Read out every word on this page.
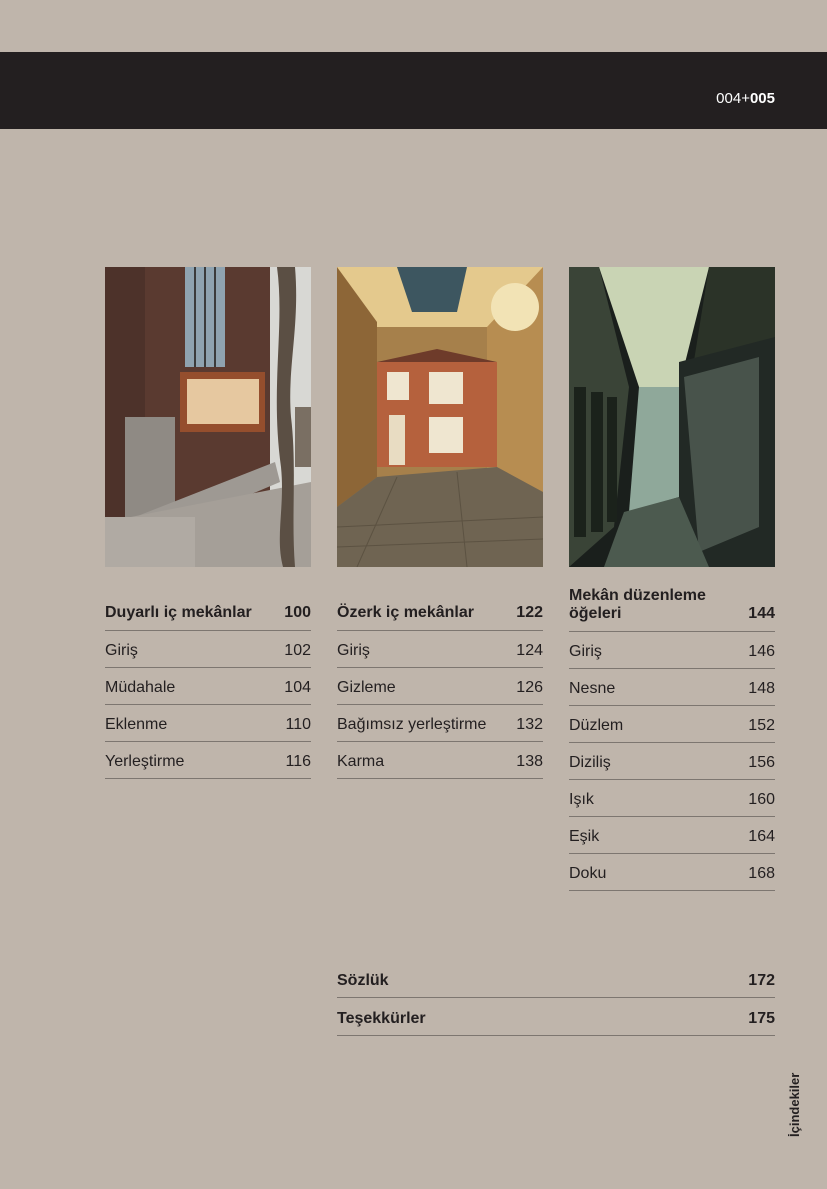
004+005
Duyarlı iç mekânlar 100
Giriş	102
Müdahale	104
Eklenme	110
Yerleştirme	116
Özerk iç mekânlar	122
Giriş	124
Gizleme	126
Bağımsız yerleştirme 132
Karma	138
Mekân düzenleme öğeleri	144
Giriş	146
Nesne	148
Düzlem	152
Diziliş	156
Işık	160
Eşik	164
Doku	168
Sözlük	172
Teşekkürler	175
İçindekiler
